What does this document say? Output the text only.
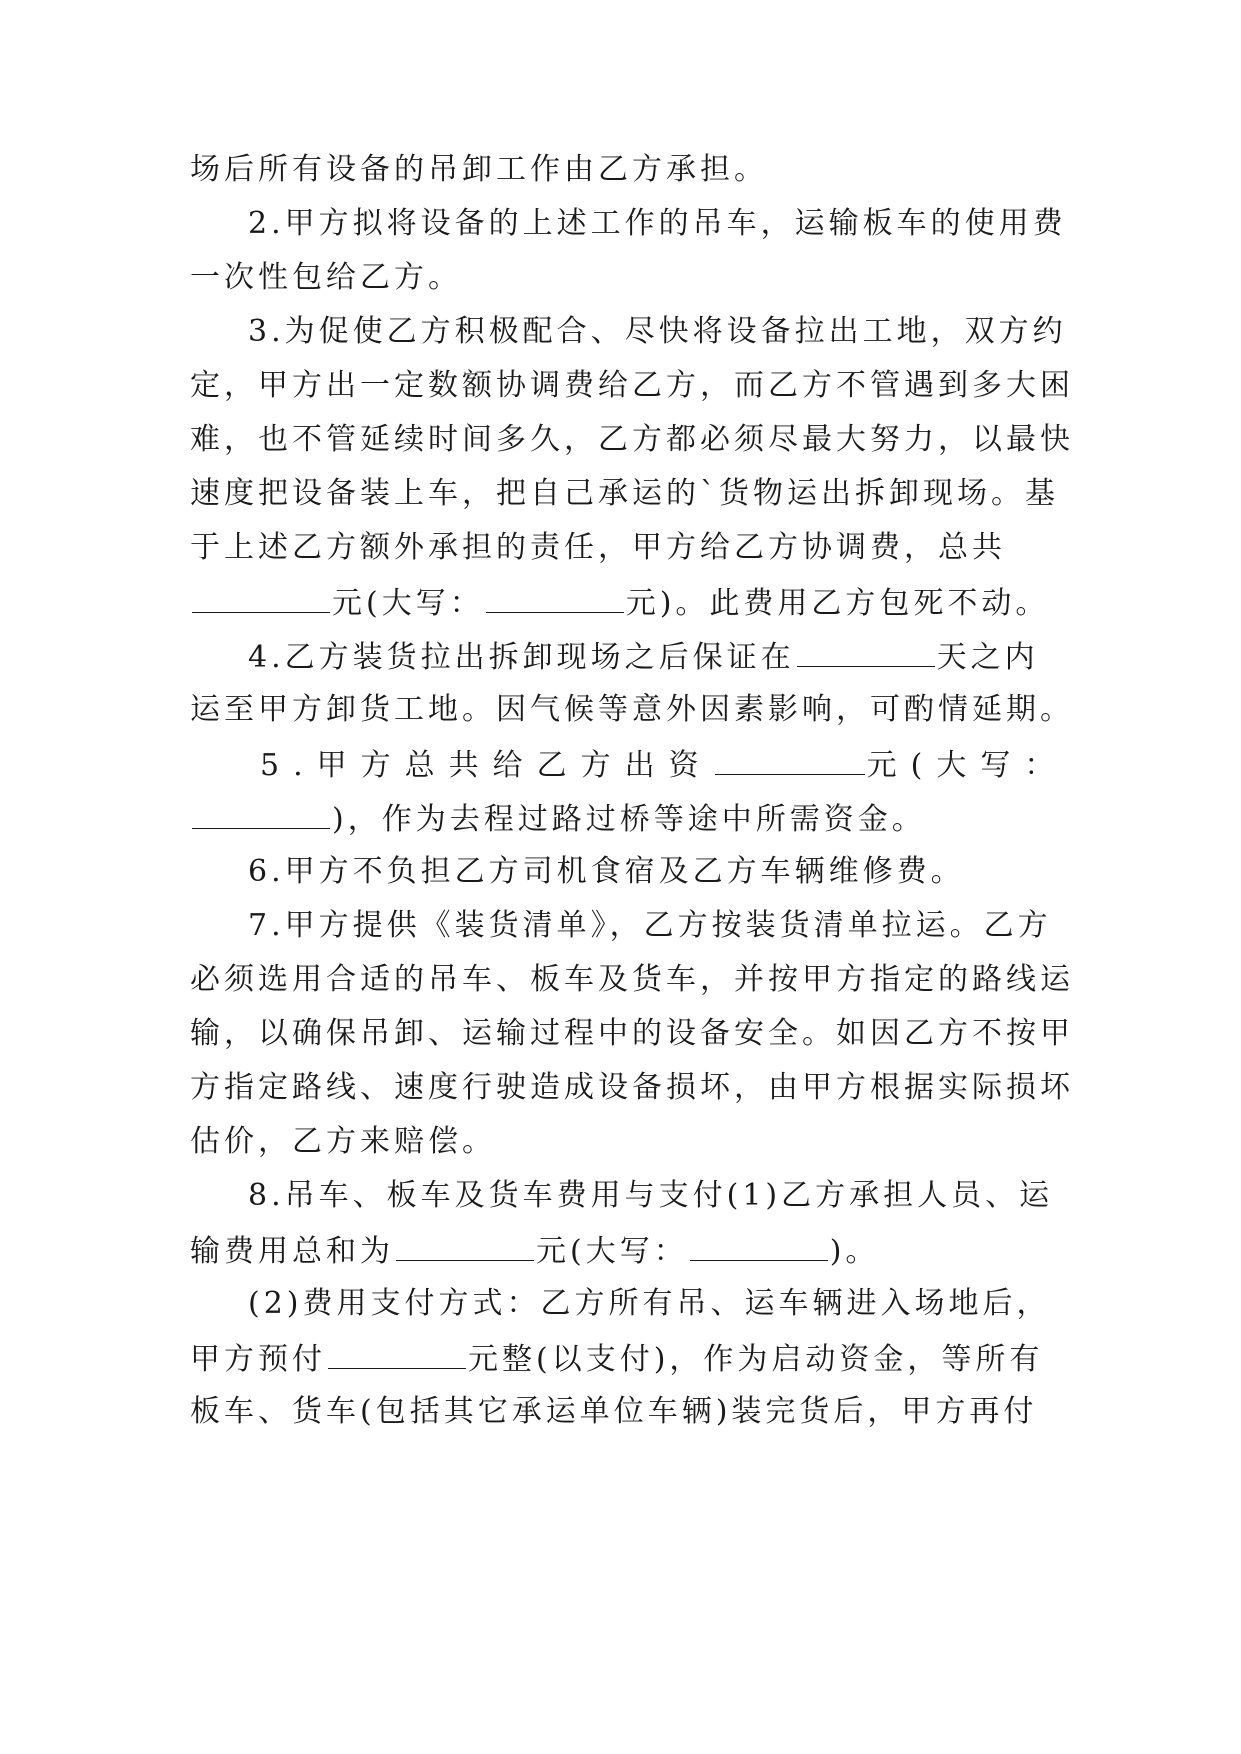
场后所有设备的吊卸工作由乙方承担。
2.甲方拟将设备的上述工作的吊车，运输板车的使用费
一次性包给乙方。
3.为促使乙方积极配合、尽快将设备拉出工地，双方约
定，甲方出一定数额协调费给乙方，而乙方不管遇到多大困
难，也不管延续时间多久，乙方都必须尽最大努力，以最快
速度把设备装上车，把自己承运的`货物运出拆卸现场。基
于上述乙方额外承担的责任，甲方给乙方协调费，总共
元(大写：	元)。此费用乙方包死不动。
4.乙方装货拉出拆卸现场之后保证在	天之内
运至甲方卸货工地。因气候等意外因素影响，可酌情延期。
5.甲方总共给乙方出资	元(大写：
)，作为去程过路过桥等途中所需资金。
6.甲方不负担乙方司机食宿及乙方车辆维修费。
7.甲方提供《装货清单》，乙方按装货清单拉运。乙方
必须选用合适的吊车、板车及货车，并按甲方指定的路线运
输，以确保吊卸、运输过程中的设备安全。如因乙方不按甲
方指定路线、速度行驶造成设备损坏，由甲方根据实际损坏
估价，乙方来赔偿。
8.吊车、板车及货车费用与支付(1)乙方承担人员、运
输费用总和为	元(大写：	)。
(2)费用支付方式：乙方所有吊、运车辆进入场地后，
甲方预付	元整(以支付)，作为启动资金，等所有
板车、货车(包括其它承运单位车辆)装完货后，甲方再付
